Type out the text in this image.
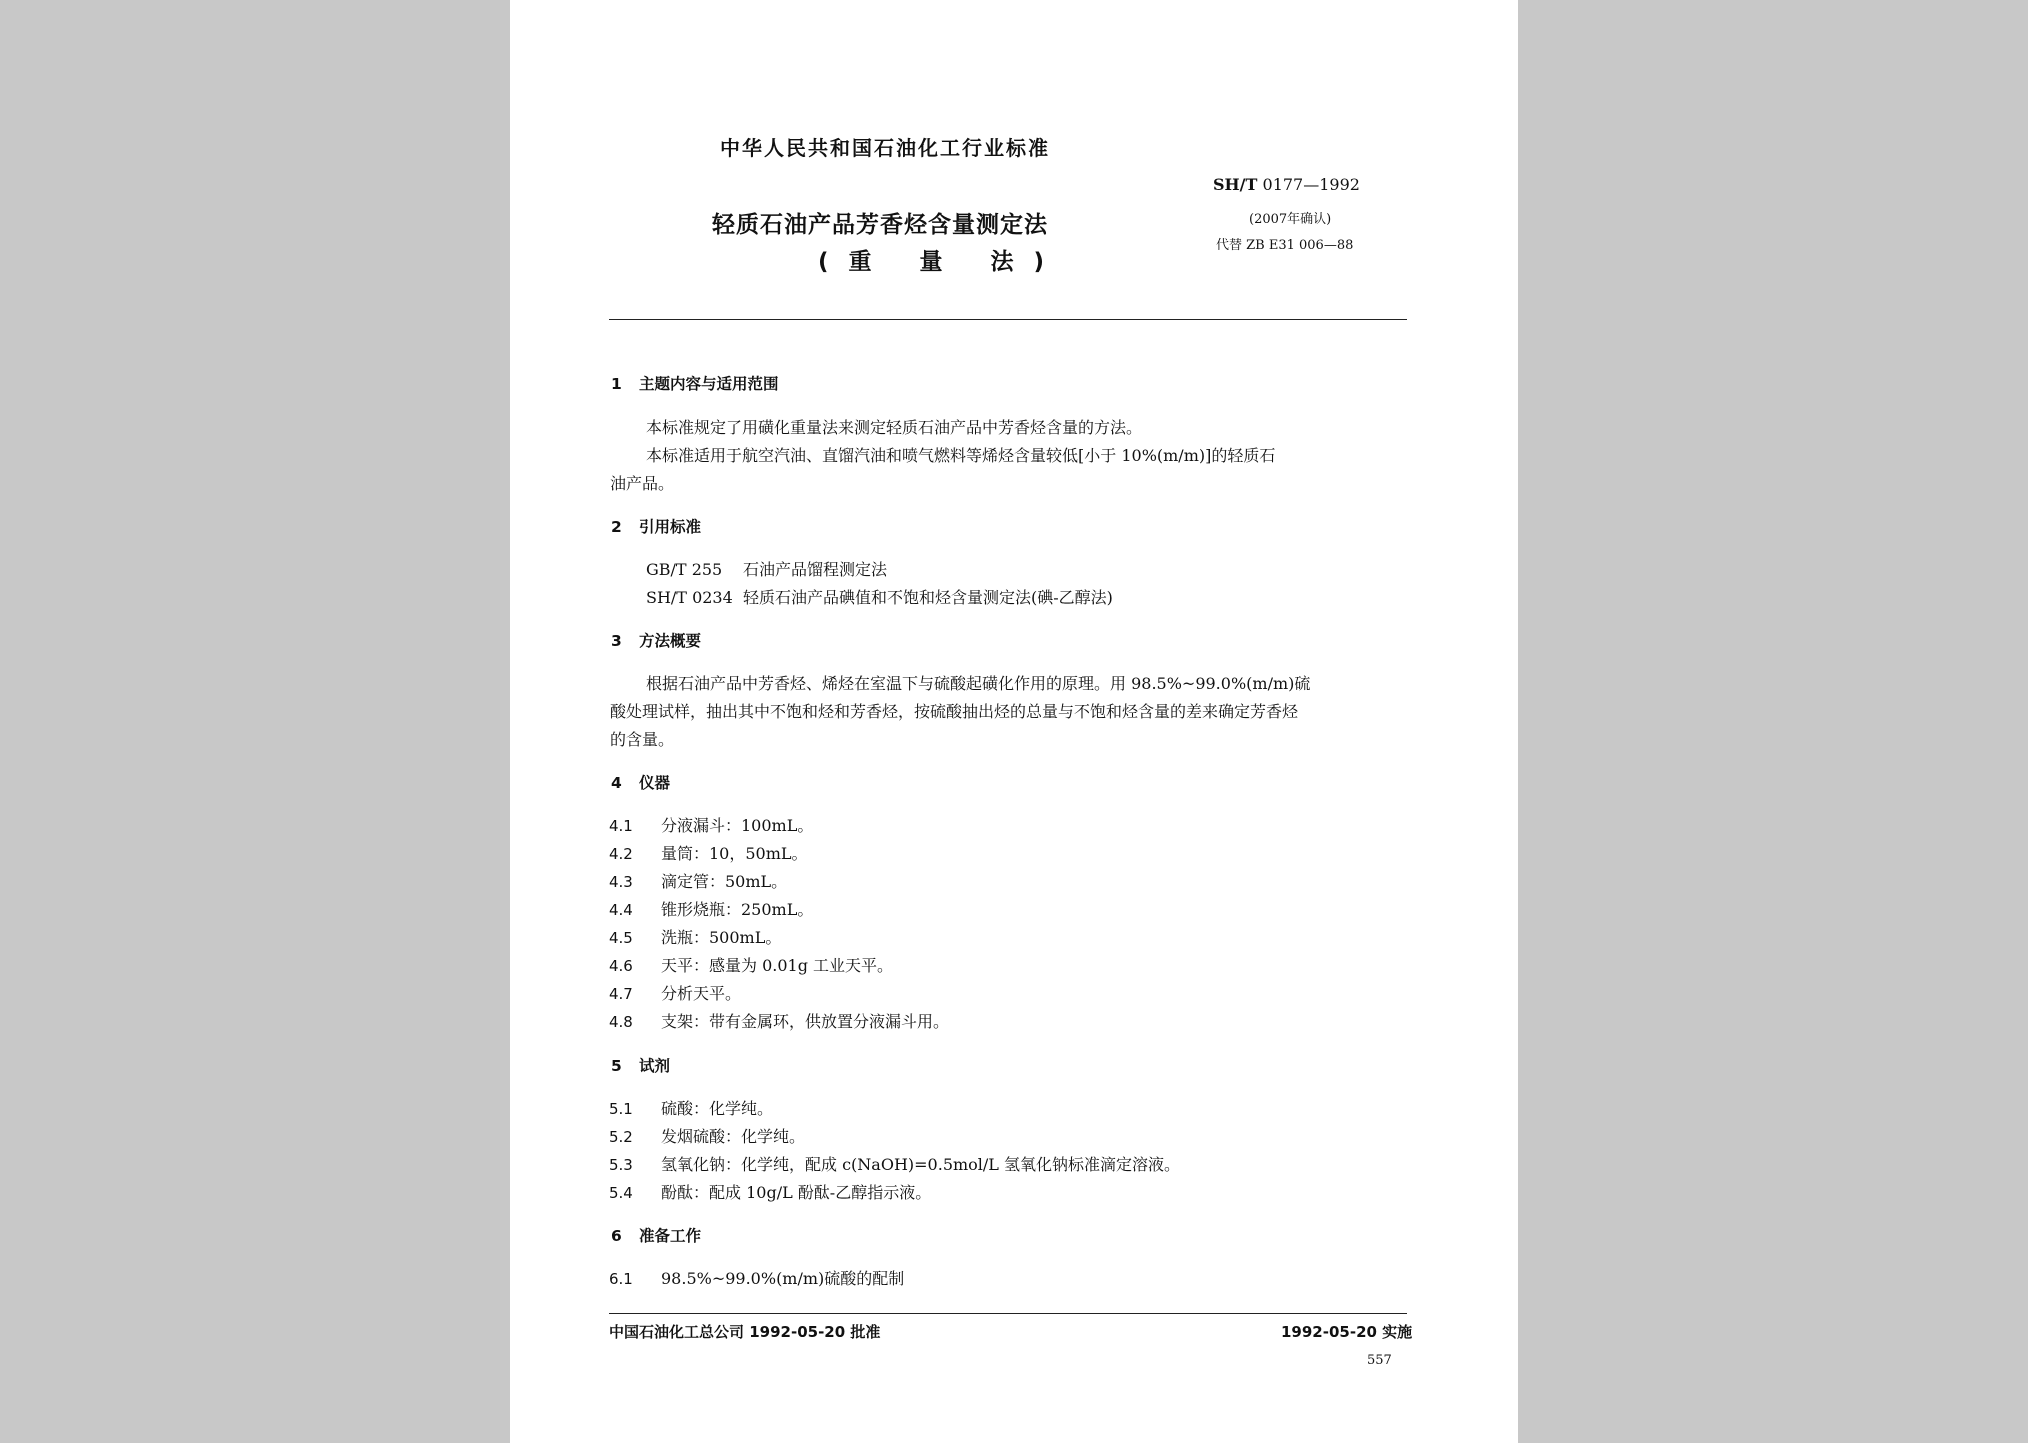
中华人民共和国石油化工行业标准
轻质石油产品芳香烃含量测定法
(重 量 法)
SH/T 0177—1992
(2007年确认)
代替 ZB E31 006—88
1 主题内容与适用范围
本标准规定了用磺化重量法来测定轻质石油产品中芳香烃含量的方法。
本标准适用于航空汽油、直馏汽油和喷气燃料等烯烃含量较低[小于 10%(m/m)]的轻质石
油产品。
2 引用标准
GB/T 255 石油产品馏程测定法
SH/T 0234 轻质石油产品碘值和不饱和烃含量测定法(碘-乙醇法)
3 方法概要
根据石油产品中芳香烃、烯烃在室温下与硫酸起磺化作用的原理。用 98.5%~99.0%(m/m)硫
酸处理试样，抽出其中不饱和烃和芳香烃，按硫酸抽出烃的总量与不饱和烃含量的差来确定芳香烃
的含量。
4 仪器
4.1 分液漏斗：100mL。
4.2 量筒：10，50mL。
4.3 滴定管：50mL。
4.4 锥形烧瓶：250mL。
4.5 洗瓶：500mL。
4.6 天平：感量为 0.01g 工业天平。
4.7 分析天平。
4.8 支架：带有金属环，供放置分液漏斗用。
5 试剂
5.1 硫酸：化学纯。
5.2 发烟硫酸：化学纯。
5.3 氢氧化钠：化学纯，配成 c(NaOH)=0.5mol/L 氢氧化钠标准滴定溶液。
5.4 酚酞：配成 10g/L 酚酞-乙醇指示液。
6 准备工作
6.1 98.5%~99.0%(m/m)硫酸的配制
中国石油化工总公司 1992-05-20 批准	1992-05-20 实施
557
